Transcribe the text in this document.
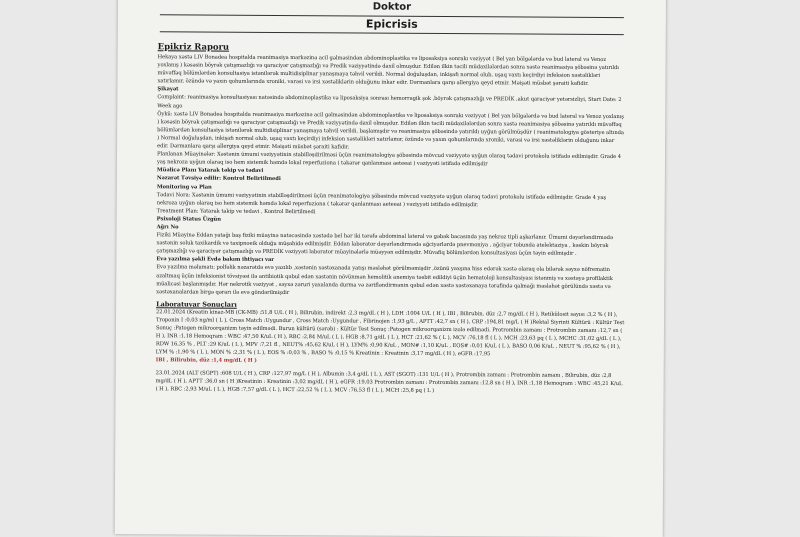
Doktor
Epicrisis

Epikriz Raporu

Hekaya xəstə LIV Bonadea hospitalda reanimasiya mərkəzinə acil gəlməsindən abdominoplastika və liposaksiya sonrakı vəziyyət ( Bel yan bölgələrdə və bud lateral və Venoz yoxlanış ) kəsəsin böyrək çatışmazlığı və qaraciyər çatışmazlığı və Predik vəziyyətində daxil olmuşdur. Edilən ilkin təcili müdaxilələrdən sonra xəstə reanimasiya şöbəsinə yatırıldı müvəffəq bölümlərdən konsultasiya istənilərək multidisiplinar yanaşmaya təhvil verildi. Normal doğuluşdan, inkişafı normal olub, uşaq vaxtı keçirdiyi infeksion xəstəlikləri xatırlamır, özündə və yaxın qohumlarında xroniki, varəsi və irsi xəstəliklərin olduğunu inkar edir. Dərmanlara qarşı allergiya qeyd etmir. Məişəti müsbət şəraiti kafidir.

Şikayət

Complaint: reanimasiya konsultasiyası natəsində abdominoplastika və liposaksiya sonrası hemorragik şok ,böyrək çatışmazlığı ve PREDİK ,akut qaraciyər yetərsizliyi, Start Date: 2 Week ago

Öykü: xəstə LIV Bonadea hospitalda reanimasiya mərkəzinə acil gəlməsindən abdominoplastika və liposaksiya sonrakı vəziyyət ( Bel yan bölgələrdə və bud lateral və Venoz yoxlanış ) kəsəsin böyrək çatışmazlığı və qaraciyər çatışmazlığı ve Predik vəziyyətində daxil olmuşdur. Edilən ilkin təcili müdaxilələrdən sonra xəstə reanimasiya şöbəsinə yatırıldı müvəffəq bölümlərdən konsultasiya istənilərək multidisiplinar yanaşmaya təhvil verildi. başlamışdır və reanimasiya şöbəsində yatırıldı uyğun görülmüşdür ( reanimatologiya gösteriye altında ) Normal doğuluşdan, inkişafı normal olub, uşaq vaxtı keçirdiyi infeksion xəstəlikləri xatırlamır, özündə və yaxın qohumlarında xroniki, varəsi və irsi xəstəliklərin olduğunu inkar edir. Dərmanlara qarşı allergiya qeyd etmir. Məişəti müsbət şəraiti kafidir.

Planlanan Müayinələr: Xəstənin ümumi vəziyyətinin stabilləşdirilməsi üçün reanimatologiya şöbəsində mövcud vəziyyətə uyğun olaraq tədavi protokolu istifadə edilmişdir. Grade 4 yaş nekroza uyğun olaraq iso hem sistemik həmdə lokal reperfuziona ( təkərər qanlanması aeteeai ) vəziyyəti istifadə edilmişdir

Müəlicə Planı Yatarak təkip və tədavi

Nəzarət Təvsiyə edilir: Kontrol Belirtilmedi

Monitoring və Plan

Tədavi Nora: Xəstənin ümumi vəziyyətinin stabilləşdirilməsi üçün reanimatologiya şöbəsində mövcud vəziyyətə uyğun olaraq tədavi protokolu istifadə edilmişdir. Grade 4 yaş nekroza uyğun olaraq iso hem sistemik həmdə lokal reperfuziona ( təkərər qanlanması aeteeai ) vəziyyəti istifadə edilmişdir.

Treatment Plan: Yatarak takip ve tedavi , Kontrol Belirtilmedi

Psixoloji Status Üzgün

Ağrı No

Fiziki Müayinə Eddan yatağı baş fiziki müayinə natəcəsində xəstədə bel hər iki tərəfə abdominal lateral və gəbək bacasında yaş nekroz tipli aşkarlanır. Ümumi dəyərləndirmədə xəstənin soluk taxikardik və taxipnoeik olduğu müşahidə edilmişdir. Eddan laborator dəyərləndirmədə ağciyərlərdə pnevmoniya , ağciyər tobunda atelektaziya , kəskin böyrək çatışmazlığı və qaraciyər çatışmazlığı və PREDİK vəziyyəti laborator müayinələrlə müəyyən edilmişdir. Müvafiq bölümlərdən konsultasiyası üçün təyin edilmişdir .

Evə yazılma şəkli Evdə bakım ihtiyacı var

Evə yazılma məlumatı: polfəlik nəzarətdə evə yazılıb ,xəstənin xəstəxanada yatışı məsləhət görülməmişdir ,özünü yaxşına hiss edərək xəstə olaraq ola bilərək səyxə nöfrematin azaltmaq üçün infeksionist tövsiyəsi ilə antibiotik qəbul edən xəstənin növünmən hemolitik anemiya təsbit edildiyi üçün hematoloji konsultasiyası istənmiş və xəstəyə profilaktik müalicəsi başlanmışdır. Hər nekrotik vəziyyət , səyxə zəruri yaxalanda durma və zərifləndirmənin qəbul edən xəstə xəstəxanaya tərəfində qalmağı məsləhət görülündə xəstə və xəstəxanalardan birgə qərarı ilə evə göndərilmişdir

Laboratuvar Sonuçları

22.01.2024 (Kreatin kinaz-MB (CK-MB) :51,8 U/L ( H ), Bilirubin, indirekt :2,3 mg/dL ( H ), LDH :1004 U/L ( H ), IBI , Bilirubin, düz :2,7 mg/dL ( H ), Retikülosit sayısı :3,2 % ( H ), Troponin I :0,03 ng/ml ( L ), Cross Match :Uygundur , Cross Match :Uygundur , Fibrinojen :1,93 g/L , APTT :42,7 sn ( H ), CRP :194,81 mg/L ( H )Rektal Sıyrinti Kültürü : Kültür Test Sonuç :Patogen mikroorqanizm təyin edilmədi. Burun kültürü (sərəb) : Kültür Test Sonuç :Patogen mikroorqanizm izolə edilmədi. Protrombin zamanı : Protrombin zamanı :12,7 sn ( H ), INR :1,18 Hemoqram : WBC :47,50 K/uL ( H ), RBC :2,84 M/uL ( L ), HGB :8,71 g/dL ( L ), HCT :21,62 % ( L ), MCV :76,18 fl ( L ), MCH :23,63 pq ( L ), MCHC :31,02 g/dL ( L ), RDW 16,35 % , PLT :29 K/uL ( L ), MPV :7,21 fl , NEUT% :45,62 K/uL ( H ), LYM% :0,90 K/uL , MON# :1,10 K/uL , EOS# :0,01 K/uL ( L ), BASO 0,06 K/uL , NEUT % :95,62 % ( H ), LYM % :1,90 % ( L ), MON % :2,31 % ( L ), EOS % :0,03 % , BASO % :0,15 % Kreatinin : Kreatinin :3,17 mg/dL ( H ), eGFR :17,95

IBI , Bilirubin, düz :1,4 mg/dL ( H )

23.01.2024 (ALT (SGPT) :608 U/L ( H ), CRP :127,97 mg/L ( H ), Albumin :3,4 g/dL ( L ), AST (SGOT) :131 U/L ( H ), Protrombin zamanı : Protrombin zamanı , Bilirubin, düz :2,8 mg/dL ( H ), APTT :36,0 sn ( H )Kreatinin : Kreatinin :3,02 mg/dL ( H ), eGFR :19,03 Protrombin zamanı : Protrombin zamanı :12,8 sn ( H ), INR :1,18 Hemoqram : WBC :45,21 K/uL ( H ), RBC :2,93 M/uL ( L ), HGB :7,57 g/dL ( L ), HCT :22,52 % ( L ), MCV :76,53 fl ( L ), MCH :25,8 pq ( L )
